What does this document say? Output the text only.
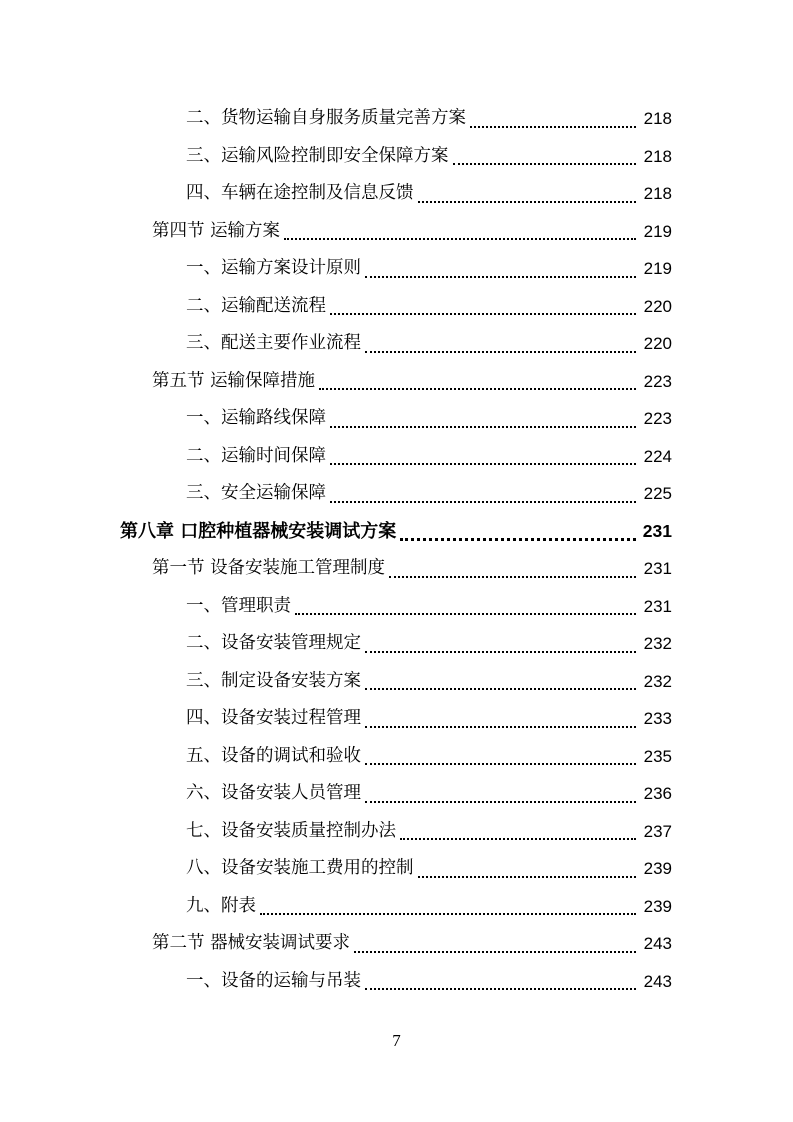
二、货物运输自身服务质量完善方案	218
三、运输风险控制即安全保障方案	218
四、车辆在途控制及信息反馈	218
第四节 运输方案	219
一、运输方案设计原则	219
二、运输配送流程	220
三、配送主要作业流程	220
第五节 运输保障措施	223
一、运输路线保障	223
二、运输时间保障	224
三、安全运输保障	225
第八章 口腔种植器械安装调试方案	231
第一节 设备安装施工管理制度	231
一、管理职责	231
二、设备安装管理规定	232
三、制定设备安装方案	232
四、设备安装过程管理	233
五、设备的调试和验收	235
六、设备安装人员管理	236
七、设备安装质量控制办法	237
八、设备安装施工费用的控制	239
九、附表	239
第二节 器械安装调试要求	243
一、设备的运输与吊装	243
7
